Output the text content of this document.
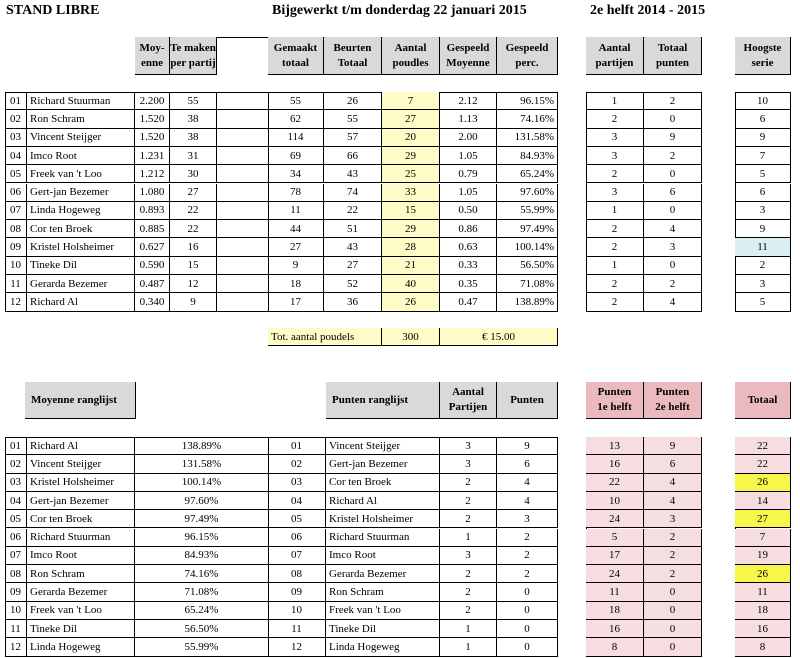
STAND LIBRE	Bijgewerkt t/m donderdag 22 januari 2015	2e helft 2014 - 2015
Moy-
enne
Te maken
per partij
Gemaakt
totaal
Beurten
Totaal
Aantal
poudles
Gespeeld
Moyenne
Gespeeld
perc.
Aantal
partijen
Totaal
punten
Hoogste
serie
01 Richard Stuurman	2.200	55	55	26	7	2.12	96.15%	1	2	10
02 Ron Schram	1.520	38	62	55	27	1.13	74.16%	2	0	6
03 Vincent Steijger	1.520	38	114	57	20	2.00	131.58%	3	9	9
04 Imco Root	1.231	31	69	66	29	1.05	84.93%	3	2	7
05 Freek van 't Loo	1.212	30	34	43	25	0.79	65.24%	2	0	5
06 Gert-jan Bezemer	1.080	27	78	74	33	1.05	97.60%	3	6	6
07 Linda Hogeweg	0.893	22	11	22	15	0.50	55.99%	1	0	3
08 Cor ten Broek	0.885	22	44	51	29	0.86	97.49%	2	4	9
09 Kristel Holsheimer	0.627	16	27	43	28	0.63	100.14%	2	3	11
10 Tineke Dil	0.590	15	9	27	21	0.33	56.50%	1	0	2
11 Gerarda Bezemer	0.487	12	18	52	40	0.35	71.08%	2	2	3
12 Richard Al	0.340	9	17	36	26	0.47	138.89%	2	4	5
Tot. aantal poudels	300	€ 15.00
Moyenne ranglijst	Punten ranglijst
Aantal
Partijen
Punten
Punten
1e helft
Punten
2e helft
Totaal
01 Richard Al	138.89%
02 Vincent Steijger	131.58%
03 Kristel Holsheimer	100.14%
04 Gert-jan Bezemer	97.60%
05 Cor ten Broek	97.49%
06 Richard Stuurman	96.15%
07 Imco Root	84.93%
08 Ron Schram	74.16%
09 Gerarda Bezemer	71.08%
10 Freek van 't Loo	65.24%
11 Tineke Dil	56.50%
12 Linda Hogeweg	55.99%
01	Vincent Steijger	3	9	13	9	22
02	Gert-jan Bezemer	3	6	16	6	22
03	Cor ten Broek	2	4	22	4	26
04	Richard Al	2	4	10	4	14
05	Kristel Holsheimer	2	3	24	3	27
06	Richard Stuurman	1	2	5	2	7
07	Imco Root	3	2	17	2	19
08	Gerarda Bezemer	2	2	24	2	26
09	Ron Schram	2	0	11	0	11
10	Freek van 't Loo	2	0	18	0	18
11	Tineke Dil	1	0	16	0	16
12	Linda Hogeweg	1	0	8	0	8
